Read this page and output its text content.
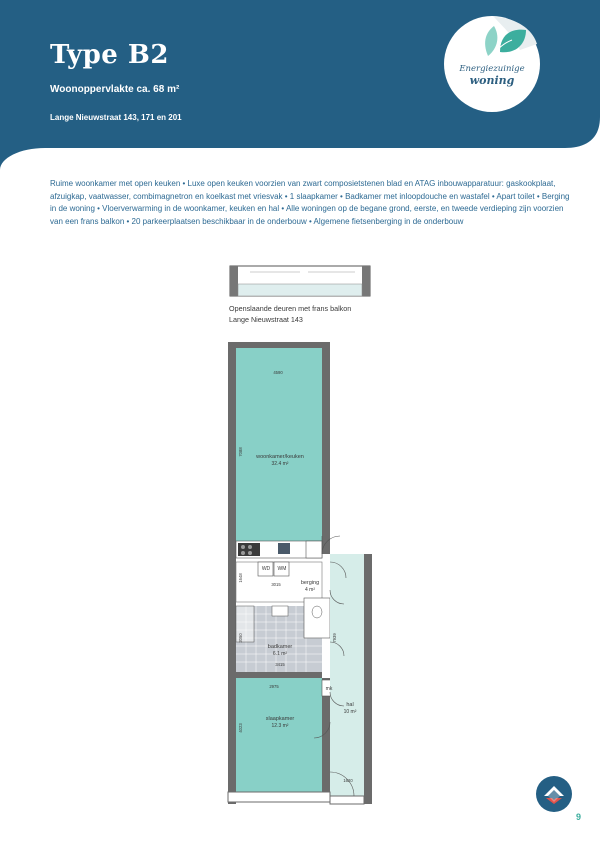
Type B2
Woonoppervlakte ca. 68 m²
Lange Nieuwstraat 143, 171 en 201
Energiezuinige
woning

Ruime woonkamer met open keuken • Luxe open keuken voorzien van zwart composietstenen blad en ATAG inbouwapparatuur: gaskookplaat, afzuigkap, vaatwasser, combimagnetron en koelkast met vriesvak • 1 slaapkamer • Badkamer met inloopdouche en wastafel • Apart toilet • Berging in de woning • Vloerverwarming in de woonkamer, keuken en hal • Alle woningen op de begane grond, eerste, en tweede verdieping zijn voorzien van een frans balkon • 20 parkeerplaatsen beschikbaar in de onderbouw • Algemene fietsenberging in de onderbouw

Openslaande deuren met frans balkon Lange Nieuwstraat 143

woonkamer/keuken
32.4 m²
berging
4 m²
WD WM
badkamer
6.1 m²
slaapkamer
12.3 m²
hal
10 m²
mk
4590
7088
3015
1648
3415
2050
2975
4023
7939
1620
9
